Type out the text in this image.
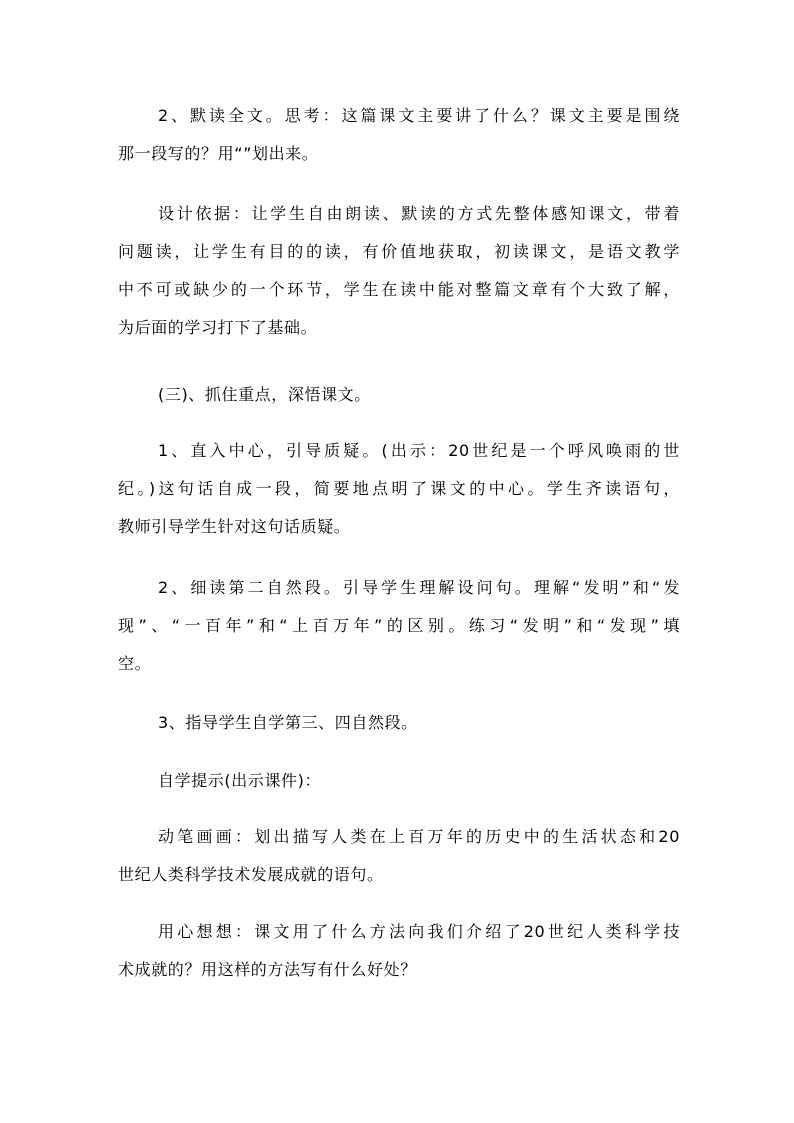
2、默读全文。思考：这篇课文主要讲了什么？课文主要是围绕
那一段写的？用“”划出来。
设计依据：让学生自由朗读、默读的方式先整体感知课文，带着
问题读，让学生有目的的读，有价值地获取，初读课文，是语文教学
中不可或缺少的一个环节，学生在读中能对整篇文章有个大致了解，
为后面的学习打下了基础。
(三)、抓住重点，深悟课文。
1、直入中心，引导质疑。(出示：20世纪是一个呼风唤雨的世
纪。)这句话自成一段，简要地点明了课文的中心。学生齐读语句，
教师引导学生针对这句话质疑。
2、细读第二自然段。引导学生理解设问句。理解“发明”和“发
现”、“一百年”和“上百万年”的区别。练习“发明”和“发现”填
空。
3、指导学生自学第三、四自然段。
自学提示(出示课件)：
动笔画画：划出描写人类在上百万年的历史中的生活状态和20
世纪人类科学技术发展成就的语句。
用心想想：课文用了什么方法向我们介绍了20世纪人类科学技
术成就的？用这样的方法写有什么好处？
